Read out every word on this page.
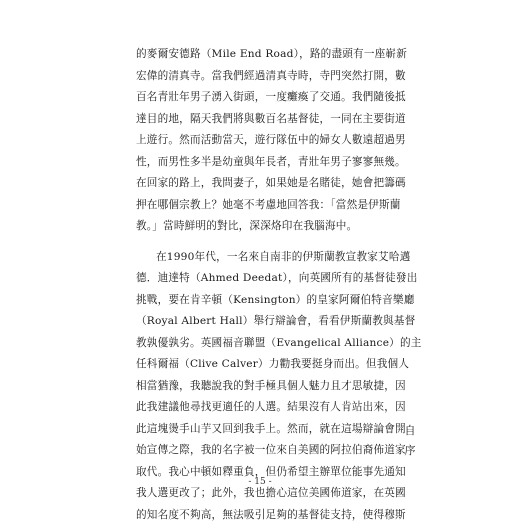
的麥爾安德路（Mile End Road），路的盡頭有一座嶄新
宏偉的清真寺。當我們經過清真寺時，寺門突然打開，數
百名青壯年男子湧入街頭，一度癱瘓了交通。我們隨後抵
達目的地，隔天我們將與數百名基督徒，一同在主要街道
上遊行。然而活動當天，遊行隊伍中的婦女人數遠超過男
性，而男性多半是幼童與年長者，青壯年男子寥寥無幾。
在回家的路上，我問妻子，如果她是名賭徒，她會把籌碼
押在哪個宗教上？她毫不考慮地回答我：「當然是伊斯蘭
教。」當時鮮明的對比，深深烙印在我腦海中。
在1990年代，一名來自南非的伊斯蘭教宣教家艾哈邁
德．迪達特（Ahmed Deedat），向英國所有的基督徒發出
挑戰，要在肯辛頓（Kensington）的皇家阿爾伯特音樂廳
（Royal Albert Hall）舉行辯論會，看看伊斯蘭教與基督
教孰優孰劣。英國福音聯盟（Evangelical Alliance）的主
任科爾福（Clive Calver）力勸我要挺身而出。但我個人
相當猶豫，我聽說我的對手極具個人魅力且才思敏捷，因
此我建議他尋找更適任的人選。結果沒有人肯站出來，因
此這塊燙手山芋又回到我手上。然而，就在這場辯論會開
始宣傳之際，我的名字被一位來自美國的阿拉伯裔佈道家
取代。我心中頓如釋重負，但仍希望主辦單位能事先通知
我人選更改了；此外，我也擔心這位美國佈道家，在英國
的知名度不夠高，無法吸引足夠的基督徒支持，使得穆斯
自
序
- 15 -
